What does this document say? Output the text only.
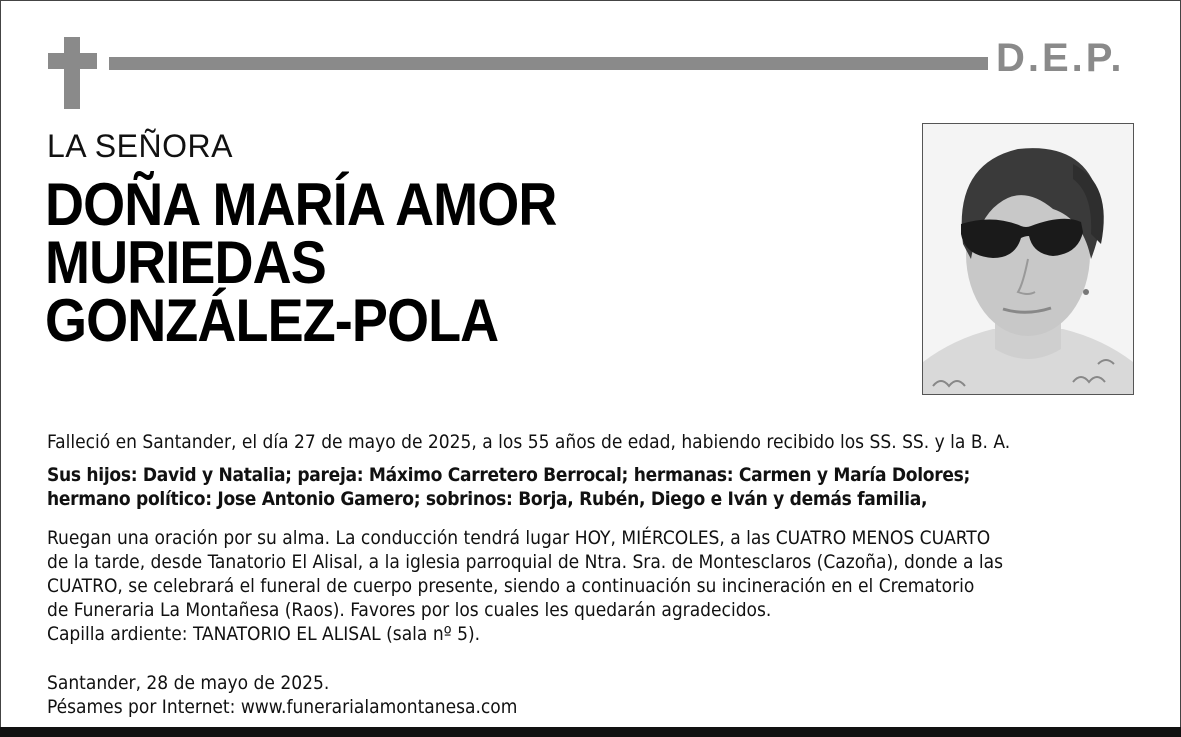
D.E.P.
LA SEÑORA
DOÑA MARÍA AMOR
MURIEDAS
GONZÁLEZ-POLA
Falleció en Santander, el día 27 de mayo de 2025, a los 55 años de edad, habiendo recibido los SS. SS. y la B. A.
Sus hijos: David y Natalia; pareja: Máximo Carretero Berrocal; hermanas: Carmen y María Dolores;
hermano político: Jose Antonio Gamero; sobrinos: Borja, Rubén, Diego e Iván y demás familia,
Ruegan una oración por su alma. La conducción tendrá lugar HOY, MIÉRCOLES, a las CUATRO MENOS CUARTO
de la tarde, desde Tanatorio El Alisal, a la iglesia parroquial de Ntra. Sra. de Montesclaros (Cazoña), donde a las
CUATRO, se celebrará el funeral de cuerpo presente, siendo a continuación su incineración en el Crematorio
de Funeraria La Montañesa (Raos). Favores por los cuales les quedarán agradecidos.
Capilla ardiente: TANATORIO EL ALISAL (sala nº 5).
Santander, 28 de mayo de 2025.
Pésames por Internet: www.funerarialamontanesa.com
